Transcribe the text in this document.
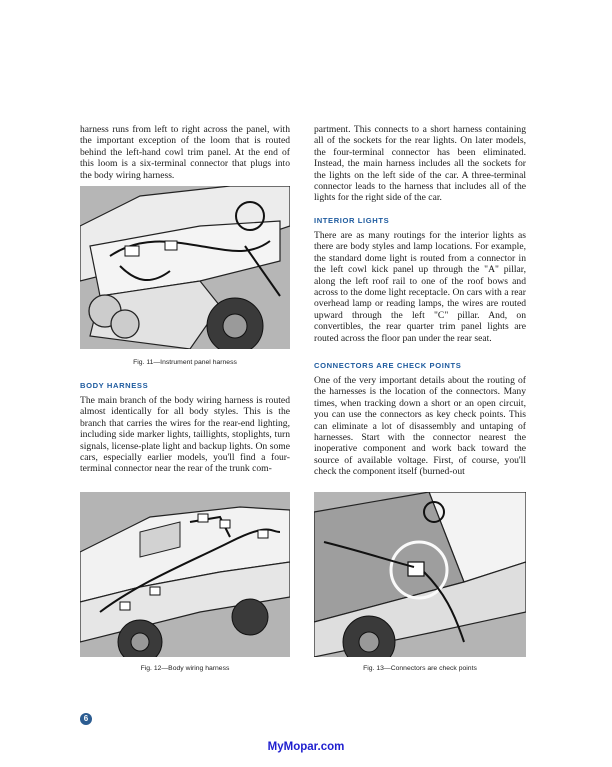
harness runs from left to right across the panel, with the important exception of the loom that is routed behind the left-hand cowl trim panel. At the end of this loom is a six-terminal connector that plugs into the body wiring harness.

Fig. 11—Instrument panel harness
BODY HARNESS

The main branch of the body wiring harness is routed almost identically for all body styles. This is the branch that carries the wires for the rear-end lighting, including side marker lights, taillights, stoplights, turn signals, license-plate light and backup lights. On some cars, especially earlier models, you'll find a four-terminal connector near the rear of the trunk com-

partment. This connects to a short harness containing all of the sockets for the rear lights. On later models, the four-terminal connector has been eliminated. Instead, the main harness includes all the sockets for the lights on the left side of the car. A three-terminal connector leads to the harness that includes all of the lights for the right side of the car.

INTERIOR LIGHTS

There are as many routings for the interior lights as there are body styles and lamp locations. For example, the standard dome light is routed from a connector in the left cowl kick panel up through the "A" pillar, along the left roof rail to one of the roof bows and across to the dome light receptacle. On cars with a rear overhead lamp or reading lamps, the wires are routed upward through the left "C" pillar. And, on convertibles, the rear quarter trim panel lights are routed across the floor pan under the rear seat.

CONNECTORS ARE CHECK POINTS

One of the very important details about the routing of the harnesses is the location of the connectors. Many times, when tracking down a short or an open circuit, you can use the connectors as key check points. This can eliminate a lot of disassembly and untaping of harnesses. Start with the connector nearest the inoperative component and work back toward the source of available voltage. First, of course, you'll check the component itself (burned-out

Fig. 12—Body wiring harness	Fig. 13—Connectors are check points
6
MyMopar.com
